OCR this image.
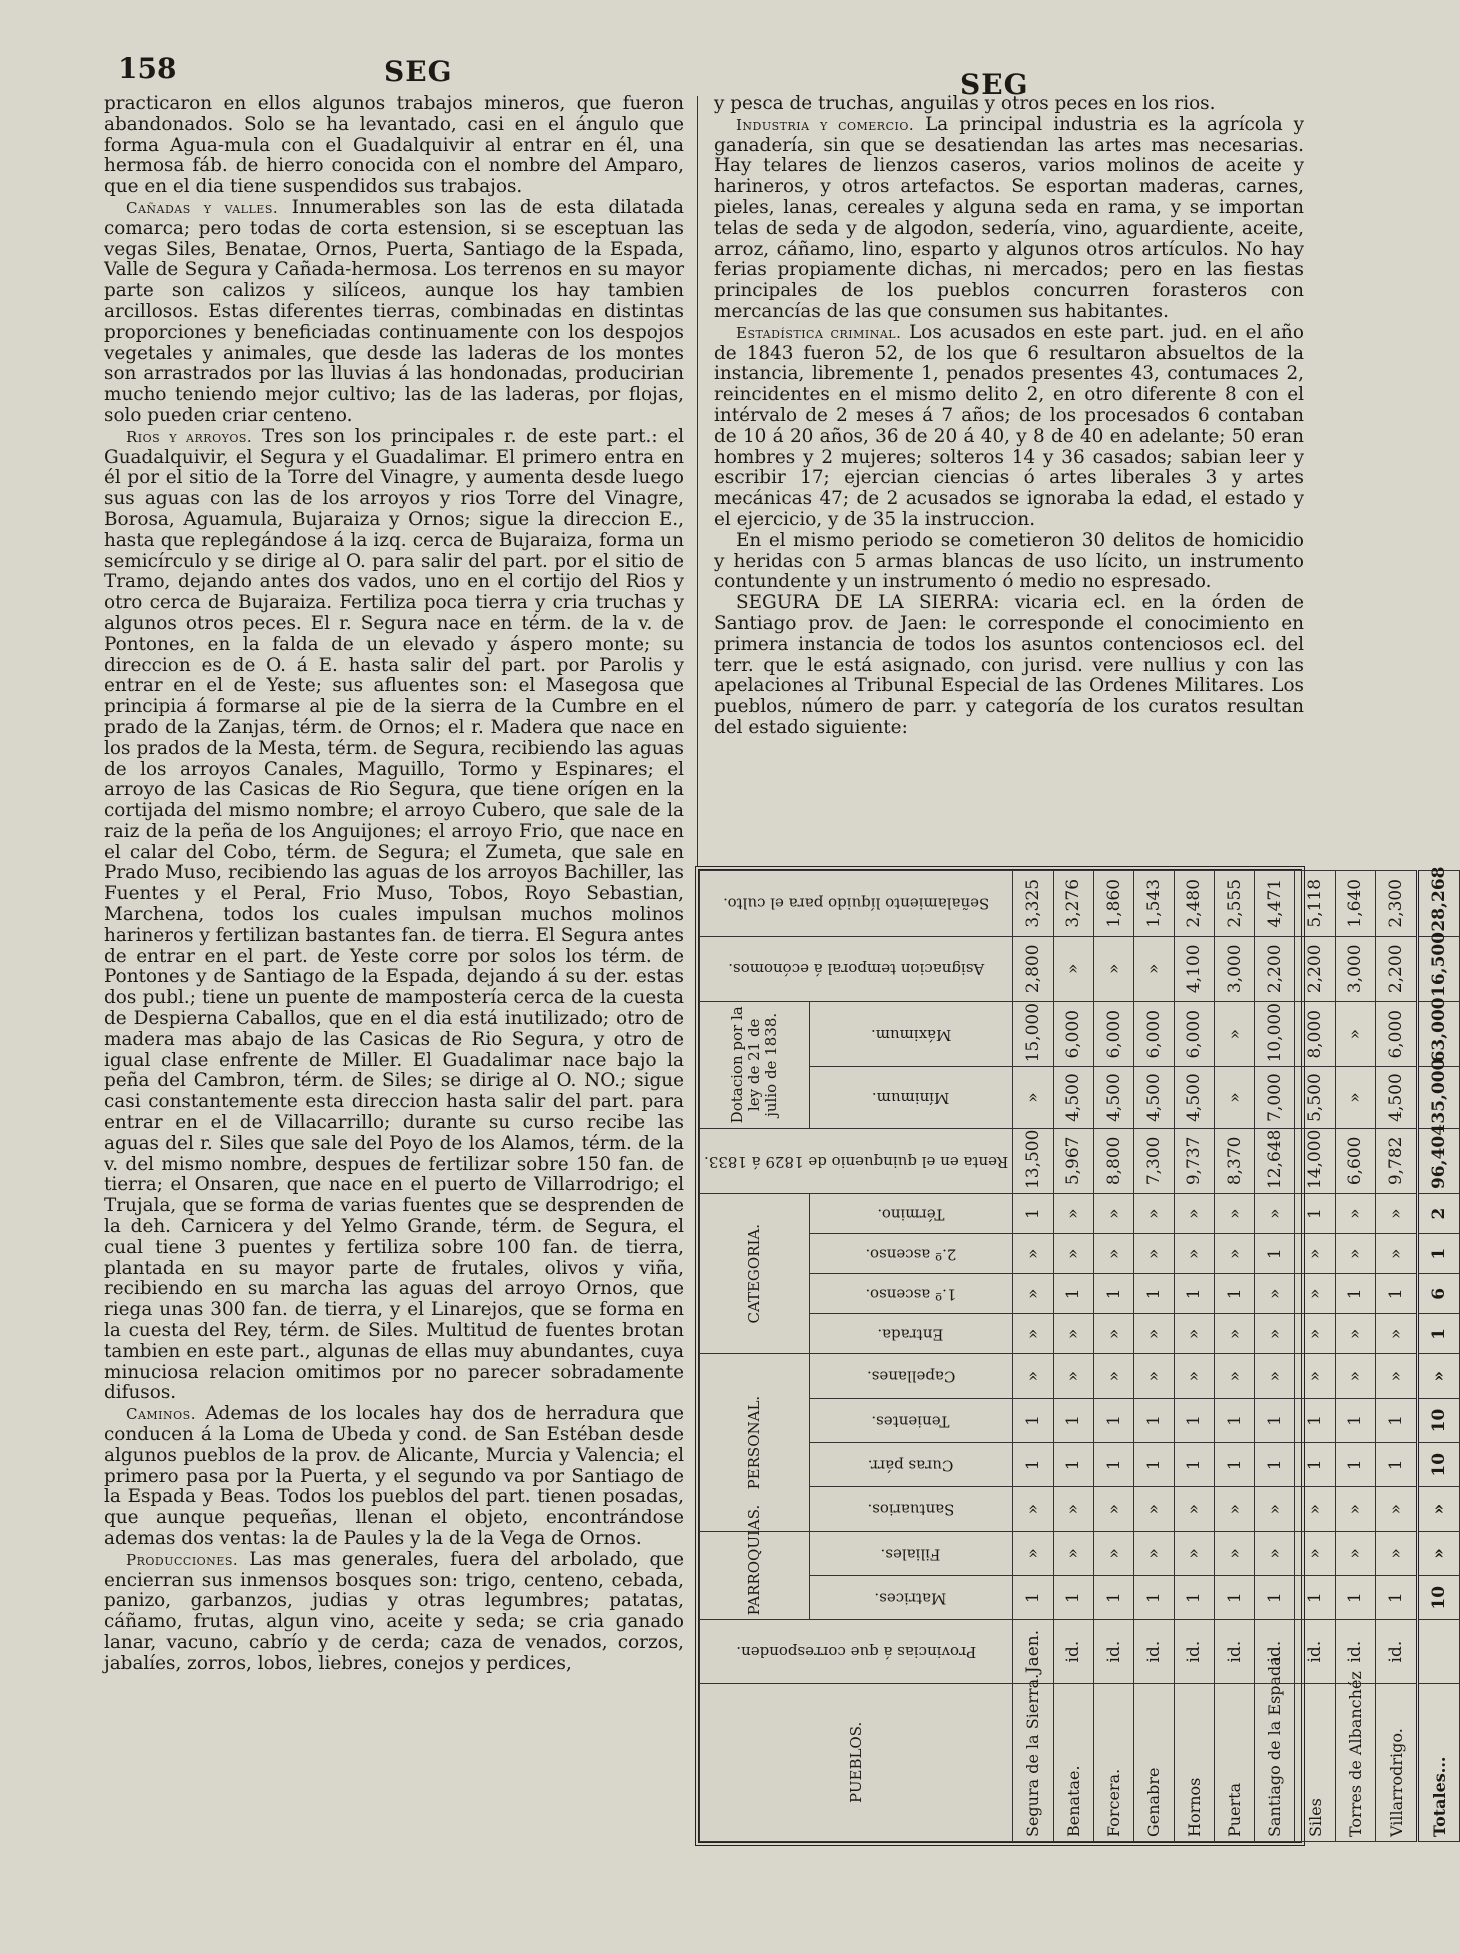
158	SEG	SEG

practicaron en ellos algunos trabajos mineros, que fueron abandonados. Solo se ha levantado, casi en el ángulo que forma Agua-mula con el Guadalquivir al entrar en él, una hermosa fáb. de hierro conocida con el nombre del Amparo, que en el dia tiene suspendidos sus trabajos.

Cañadas y valles. Innumerables son las de esta dilatada comarca; pero todas de corta estension, si se esceptuan las vegas Siles, Benatae, Ornos, Puerta, Santiago de la Espada, Valle de Segura y Cañada-hermosa. Los terrenos en su mayor parte son calizos y silíceos, aunque los hay tambien arcillosos. Estas diferentes tierras, combinadas en distintas proporciones y beneficiadas continuamente con los despojos vegetales y animales, que desde las laderas de los montes son arrastrados por las lluvias á las hondonadas, producirian mucho teniendo mejor cultivo; las de las laderas, por flojas, solo pueden criar centeno.

Rios y arroyos. Tres son los principales r. de este part.: el Guadalquivir, el Segura y el Guadalimar. El primero entra en él por el sitio de la Torre del Vinagre, y aumenta desde luego sus aguas con las de los arroyos y rios Torre del Vinagre, Borosa, Aguamula, Bujaraiza y Ornos; sigue la direccion E., hasta que replegándose á la izq. cerca de Bujaraiza, forma un semicírculo y se dirige al O. para salir del part. por el sitio de Tramo, dejando antes dos vados, uno en el cortijo del Rios y otro cerca de Bujaraiza. Fertiliza poca tierra y cria truchas y algunos otros peces. El r. Segura nace en térm. de la v. de Pontones, en la falda de un elevado y áspero monte; su direccion es de O. á E. hasta salir del part. por Parolis y entrar en el de Yeste; sus afluentes son: el Masegosa que principia á formarse al pie de la sierra de la Cumbre en el prado de la Zanjas, térm. de Ornos; el r. Madera que nace en los prados de la Mesta, térm. de Segura, recibiendo las aguas de los arroyos Canales, Maguillo, Tormo y Espinares; el arroyo de las Casicas de Rio Segura, que tiene orígen en la cortijada del mismo nombre; el arroyo Cubero, que sale de la raiz de la peña de los Anguijones; el arroyo Frio, que nace en el calar del Cobo, térm. de Segura; el Zumeta, que sale en Prado Muso, recibiendo las aguas de los arroyos Bachiller, las Fuentes y el Peral, Frio Muso, Tobos, Royo Sebastian, Marchena, todos los cuales impulsan muchos molinos harineros y fertilizan bastantes fan. de tierra. El Segura antes de entrar en el part. de Yeste corre por solos los térm. de Pontones y de Santiago de la Espada, dejando á su der. estas dos publ.; tiene un puente de mampostería cerca de la cuesta de Despierna Caballos, que en el dia está inutilizado; otro de madera mas abajo de las Casicas de Rio Segura, y otro de igual clase enfrente de Miller. El Guadalimar nace bajo la peña del Cambron, térm. de Siles; se dirige al O. NO.; sigue casi constantemente esta direccion hasta salir del part. para entrar en el de Villacarrillo; durante su curso recibe las aguas del r. Siles que sale del Poyo de los Alamos, térm. de la v. del mismo nombre, despues de fertilizar sobre 150 fan. de tierra; el Onsaren, que nace en el puerto de Villarrodrigo; el Trujala, que se forma de varias fuentes que se desprenden de la deh. Carnicera y del Yelmo Grande, térm. de Segura, el cual tiene 3 puentes y fertiliza sobre 100 fan. de tierra, plantada en su mayor parte de frutales, olivos y viña, recibiendo en su marcha las aguas del arroyo Ornos, que riega unas 300 fan. de tierra, y el Linarejos, que se forma en la cuesta del Rey, térm. de Siles. Multitud de fuentes brotan tambien en este part., algunas de ellas muy abundantes, cuya minuciosa relacion omitimos por no parecer sobradamente difusos.

Caminos. Ademas de los locales hay dos de herradura que conducen á la Loma de Ubeda y cond. de San Estéban desde algunos pueblos de la prov. de Alicante, Murcia y Valencia; el primero pasa por la Puerta, y el segundo va por Santiago de la Espada y Beas. Todos los pueblos del part. tienen posadas, que aunque pequeñas, llenan el objeto, encontrándose ademas dos ventas: la de Paules y la de la Vega de Ornos.

Producciones. Las mas generales, fuera del arbolado, que encierran sus inmensos bosques son: trigo, centeno, cebada, panizo, garbanzos, judias y otras legumbres; patatas, cáñamo, frutas, algun vino, aceite y seda; se cria ganado lanar, vacuno, cabrío y de cerda; caza de venados, corzos, jabalíes, zorros, lobos, liebres, conejos y perdices,

y pesca de truchas, anguilas y otros peces en los rios.

Industria y comercio. La principal industria es la agrícola y ganadería, sin que se desatiendan las artes mas necesarias. Hay telares de lienzos caseros, varios molinos de aceite y harineros, y otros artefactos. Se esportan maderas, carnes, pieles, lanas, cereales y alguna seda en rama, y se importan telas de seda y de algodon, sedería, vino, aguardiente, aceite, arroz, cáñamo, lino, esparto y algunos otros artículos. No hay ferias propiamente dichas, ni mercados; pero en las fiestas principales de los pueblos concurren forasteros con mercancías de las que consumen sus habitantes.

Estadística criminal. Los acusados en este part. jud. en el año de 1843 fueron 52, de los que 6 resultaron absueltos de la instancia, libremente 1, penados presentes 43, contumaces 2, reincidentes en el mismo delito 2, en otro diferente 8 con el intérvalo de 2 meses á 7 años; de los procesados 6 contaban de 10 á 20 años, 36 de 20 á 40, y 8 de 40 en adelante; 50 eran hombres y 2 mujeres; solteros 14 y 36 casados; sabian leer y escribir 17; ejercian ciencias ó artes liberales 3 y artes mecánicas 47; de 2 acusados se ignoraba la edad, el estado y el ejercicio, y de 35 la instruccion.

En el mismo periodo se cometieron 30 delitos de homicidio y heridas con 5 armas blancas de uso lícito, un instrumento contundente y un instrumento ó medio no espresado.

SEGURA DE LA SIERRA: vicaria ecl. en la órden de Santiago prov. de Jaen: le corresponde el conocimiento en primera instancia de todos los asuntos contenciosos ecl. del terr. que le está asignado, con jurisd. vere nullius y con las apelaciones al Tribunal Especial de las Ordenes Militares. Los pueblos, número de parr. y categoría de los curatos resultan del estado siguiente:

PUEBLOS.	Provincias á que corresponden.	PARROQUIAS.		PERSONAL.				CATEGORIA.				Renta en el quinquenio de 1829 á 1833.	Dotacion por la ley de 21 de julio de 1838.		Asignacion temporal á ecónomos.	Señalamiento líquido para el culto.
		Matrices.	Filiales.	Santuarios.	Curas párr.	Tenientes.	Capellanes.	Entrada.	1.º ascenso.	2.º ascenso.	Término.		Mínimum.	Máximum.		
Segura de la Sierra.	Jaen.	1	»	»	1	1	»	»	»	»	1	13,500	»	15,000	2,800	3,325
Benatae.	id.	1	»	»	1	1	»	»	1	»	»	5,967	4,500	6,000	»	3,276
Forcera.	id.	1	»	»	1	1	»	»	1	»	»	8,800	4,500	6,000	»	1,860
Genabre	id.	1	»	»	1	1	»	»	1	»	»	7,300	4,500	6,000	»	1,543
Hornos	id.	1	»	»	1	1	»	»	1	»	»	9,737	4,500	6,000	4,100	2,480
Puerta	id.	1	»	»	1	1	»	»	1	»	»	8,370	»	»	3,000	2,555
Santiago de la Espada	id.	1	»	»	1	1	»	»	»	1	»	12,648	7,000	10,000	2,200	4,471
Siles	id.	1	»	»	1	1	»	»	»	»	1	14,000	5,500	8,000	2,200	5,118
Torres de Albanchéz	id.	1	»	»	1	1	»	»	1	»	»	6,600	»	»	3,000	1,640
Villarrodrigo.	id.	1	»	»	1	1	»	»	1	»	»	9,782	4,500	6,000	2,200	2,300
Totales...		10	»	»	10	10	»	1	6	1	2	96,404	35,000	63,000	16,500	28,268
